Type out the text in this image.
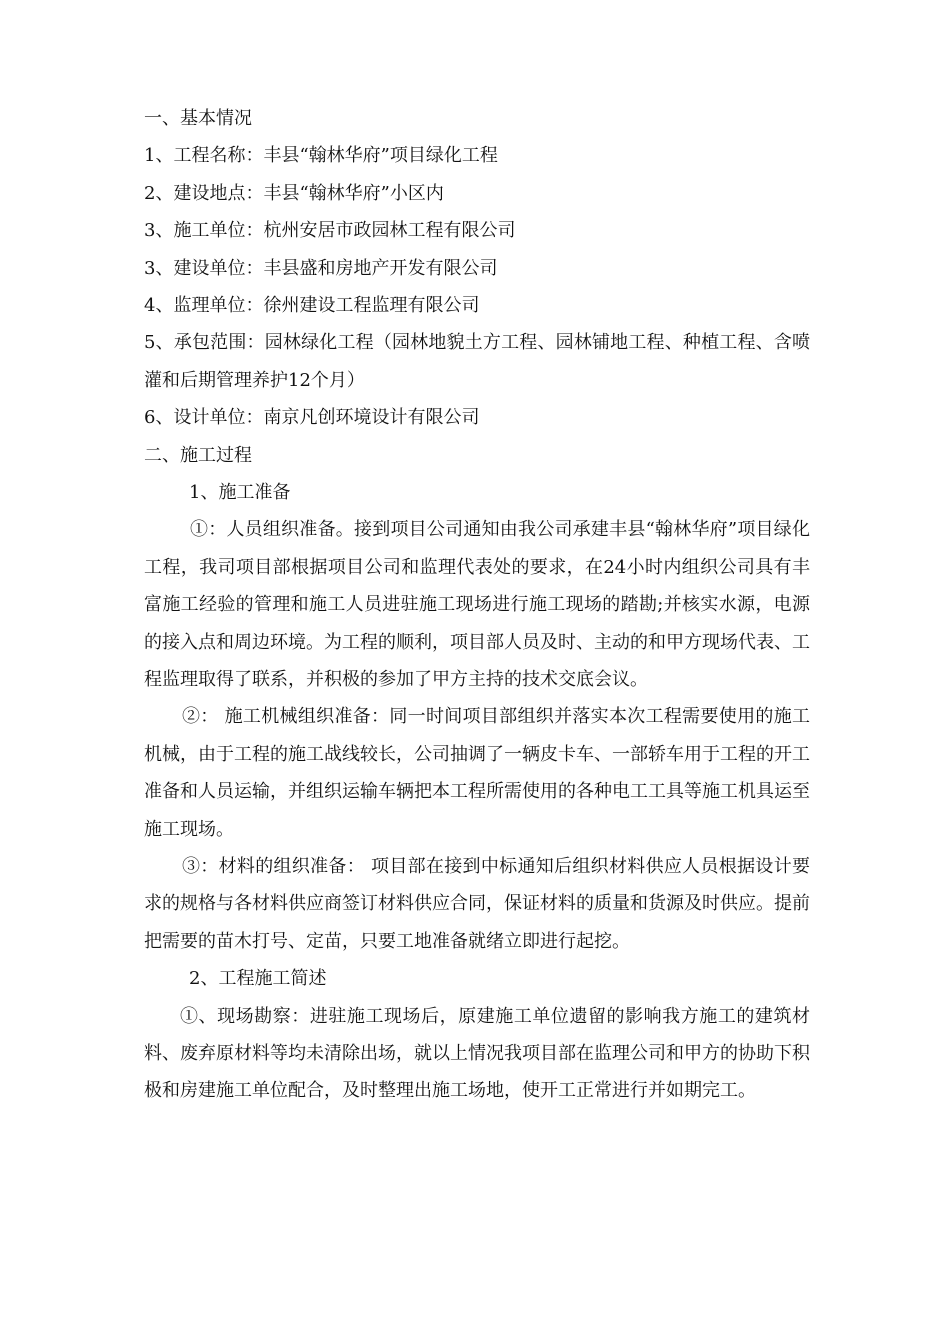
一、基本情况
1、工程名称：丰县“翰林华府”项目绿化工程
2、建设地点：丰县“翰林华府”小区内
3、施工单位：杭州安居市政园林工程有限公司
3、建设单位：丰县盛和房地产开发有限公司
4、监理单位：徐州建设工程监理有限公司
5、承包范围：园林绿化工程（园林地貌土方工程、园林铺地工程、种植工程、含喷灌和后期管理养护12个月）
6、设计单位：南京凡创环境设计有限公司
二、施工过程
1、施工准备
①：人员组织准备。接到项目公司通知由我公司承建丰县“翰林华府”项目绿化工程，我司项目部根据项目公司和监理代表处的要求，在24小时内组织公司具有丰富施工经验的管理和施工人员进驻施工现场进行施工现场的踏勘;并核实水源，电源的接入点和周边环境。为工程的顺利，项目部人员及时、主动的和甲方现场代表、工程监理取得了联系，并积极的参加了甲方主持的技术交底会议。
②： 施工机械组织准备：同一时间项目部组织并落实本次工程需要使用的施工机械，由于工程的施工战线较长，公司抽调了一辆皮卡车、一部轿车用于工程的开工准备和人员运输，并组织运输车辆把本工程所需使用的各种电工工具等施工机具运至施工现场。
③：材料的组织准备： 项目部在接到中标通知后组织材料供应人员根据设计要求的规格与各材料供应商签订材料供应合同，保证材料的质量和货源及时供应。提前把需要的苗木打号、定苗，只要工地准备就绪立即进行起挖。
2、工程施工简述
①、现场勘察：进驻施工现场后，原建施工单位遗留的影响我方施工的建筑材料、废弃原材料等均未清除出场，就以上情况我项目部在监理公司和甲方的协助下积极和房建施工单位配合，及时整理出施工场地，使开工正常进行并如期完工。
